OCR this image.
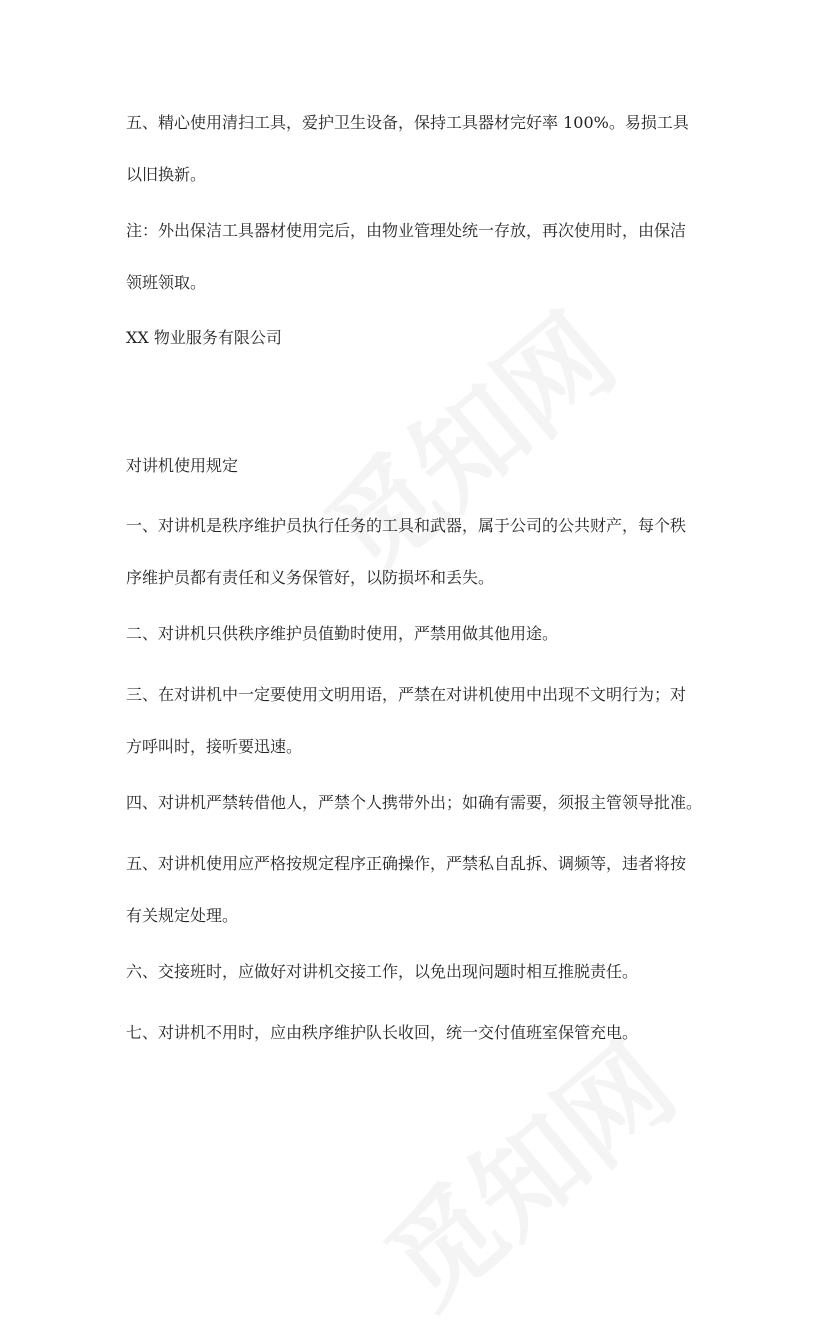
五、精心使用清扫工具，爱护卫生设备，保持工具器材完好率 100%。易损工具
以旧换新。

注：外出保洁工具器材使用完后，由物业管理处统一存放，再次使用时，由保洁
领班领取。

XX 物业服务有限公司

对讲机使用规定

一、对讲机是秩序维护员执行任务的工具和武器，属于公司的公共财产，每个秩
序维护员都有责任和义务保管好，以防损坏和丢失。

二、对讲机只供秩序维护员值勤时使用，严禁用做其他用途。

三、在对讲机中一定要使用文明用语，严禁在对讲机使用中出现不文明行为；对
方呼叫时，接听要迅速。

四、对讲机严禁转借他人，严禁个人携带外出；如确有需要，须报主管领导批准。

五、对讲机使用应严格按规定程序正确操作，严禁私自乱拆、调频等，违者将按
有关规定处理。

六、交接班时，应做好对讲机交接工作，以免出现问题时相互推脱责任。

七、对讲机不用时，应由秩序维护队长收回，统一交付值班室保管充电。
